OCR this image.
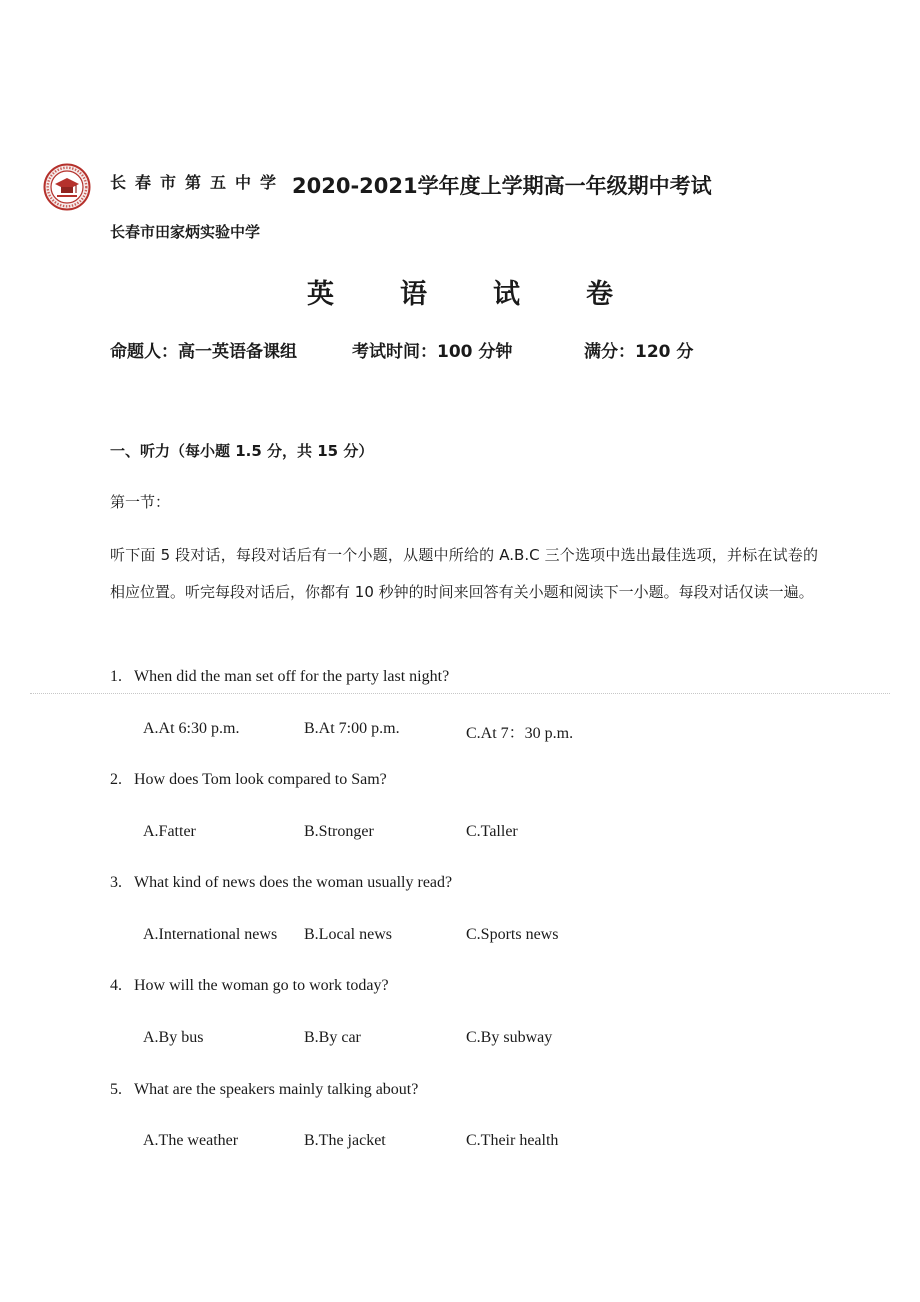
长春市第五中学 2020-2021学年度上学期高一年级期中考试
长春市田家炳实验中学
英 语 试 卷
命题人：高一英语备课组	考试时间：100 分钟	满分：120 分
一、听力（每小题 1.5 分，共 15 分）
第一节：
听下面 5 段对话，每段对话后有一个小题，从题中所给的 A.B.C 三个选项中选出最佳选项，并标在试卷的相应位置。听完每段对话后，你都有 10 秒钟的时间来回答有关小题和阅读下一小题。每段对话仅读一遍。
1. When did the man set off for the party last night?
A.At 6:30 p.m.	B.At 7:00 p.m.	C.At 7：30 p.m.
2. How does Tom look compared to Sam?
A.Fatter	B.Stronger	C.Taller
3. What kind of news does the woman usually read?
A.International news B.Local news	C.Sports news
4. How will the woman go to work today?
A.By bus	B.By car	C.By subway
5. What are the speakers mainly talking about?
A.The weather	B.The jacket	C.Their health
